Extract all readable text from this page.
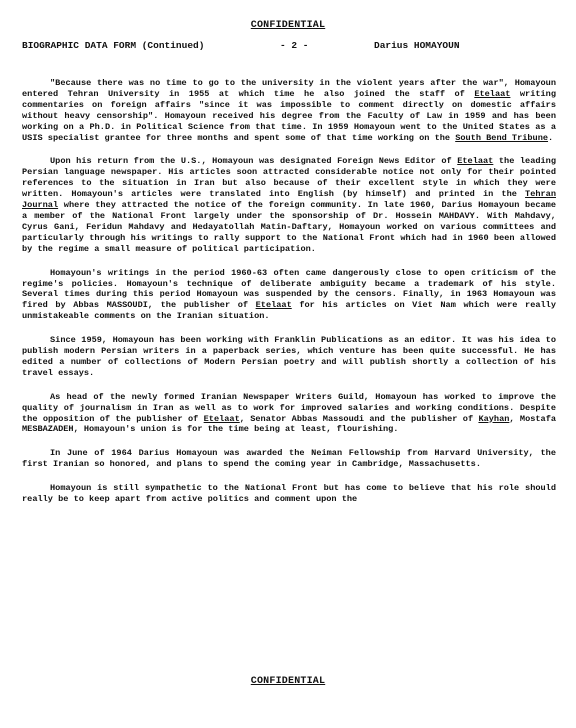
CONFIDENTIAL
BIOGRAPHIC DATA FORM (Continued)	- 2 -	Darius HOMAYOUN

"Because there was no time to go to the university in the violent years after the war", Homayoun entered Tehran University in 1955 at which time he also joined the staff of Etelaat writing commentaries on foreign affairs "since it was impossible to comment directly on domestic affairs without heavy censorship". Homayoun received his degree from the Faculty of Law in 1959 and has been working on a Ph.D. in Political Science from that time. In 1959 Homayoun went to the United States as a USIS specialist grantee for three months and spent some of that time working on the South Bend Tribune.

Upon his return from the U.S., Homayoun was designated Foreign News Editor of Etelaat the leading Persian language newspaper. His articles soon attracted considerable notice not only for their pointed references to the situation in Iran but also because of their excellent style in which they were written. Homayoun's articles were translated into English (by himself) and printed in the Tehran Journal where they attracted the notice of the foreign community. In late 1960, Darius Homayoun became a member of the National Front largely under the sponsorship of Dr. Hossein MAHDAVY. With Mahdavy, Cyrus Gani, Feridun Mahdavy and Hedayatollah Matin-Daftary, Homayoun worked on various committees and particularly through his writings to rally support to the National Front which had in 1960 been allowed by the regime a small measure of political participation.

Homayoun's writings in the period 1960-63 often came dangerously close to open criticism of the regime's policies. Homayoun's technique of deliberate ambiguity became a trademark of his style. Several times during this period Homayoun was suspended by the censors. Finally, in 1963 Homayoun was fired by Abbas MASSOUDI, the publisher of Etelaat for his articles on Viet Nam which were really unmistakeable comments on the Iranian situation.

Since 1959, Homayoun has been working with Franklin Publications as an editor. It was his idea to publish modern Persian writers in a paperback series, which venture has been quite successful. He has edited a number of collections of Modern Persian poetry and will publish shortly a collection of his travel essays.

As head of the newly formed Iranian Newspaper Writers Guild, Homayoun has worked to improve the quality of journalism in Iran as well as to work for improved salaries and working conditions. Despite the opposition of the publisher of Etelaat, Senator Abbas Massoudi and the publisher of Kayhan, Mostafa MESBAZADEH, Homayoun's union is for the time being at least, flourishing.

In June of 1964 Darius Homayoun was awarded the Neiman Fellowship from Harvard University, the first Iranian so honored, and plans to spend the coming year in Cambridge, Massachusetts.

Homayoun is still sympathetic to the National Front but has come to believe that his role should really be to keep apart from active politics and comment upon the

CONFIDENTIAL
